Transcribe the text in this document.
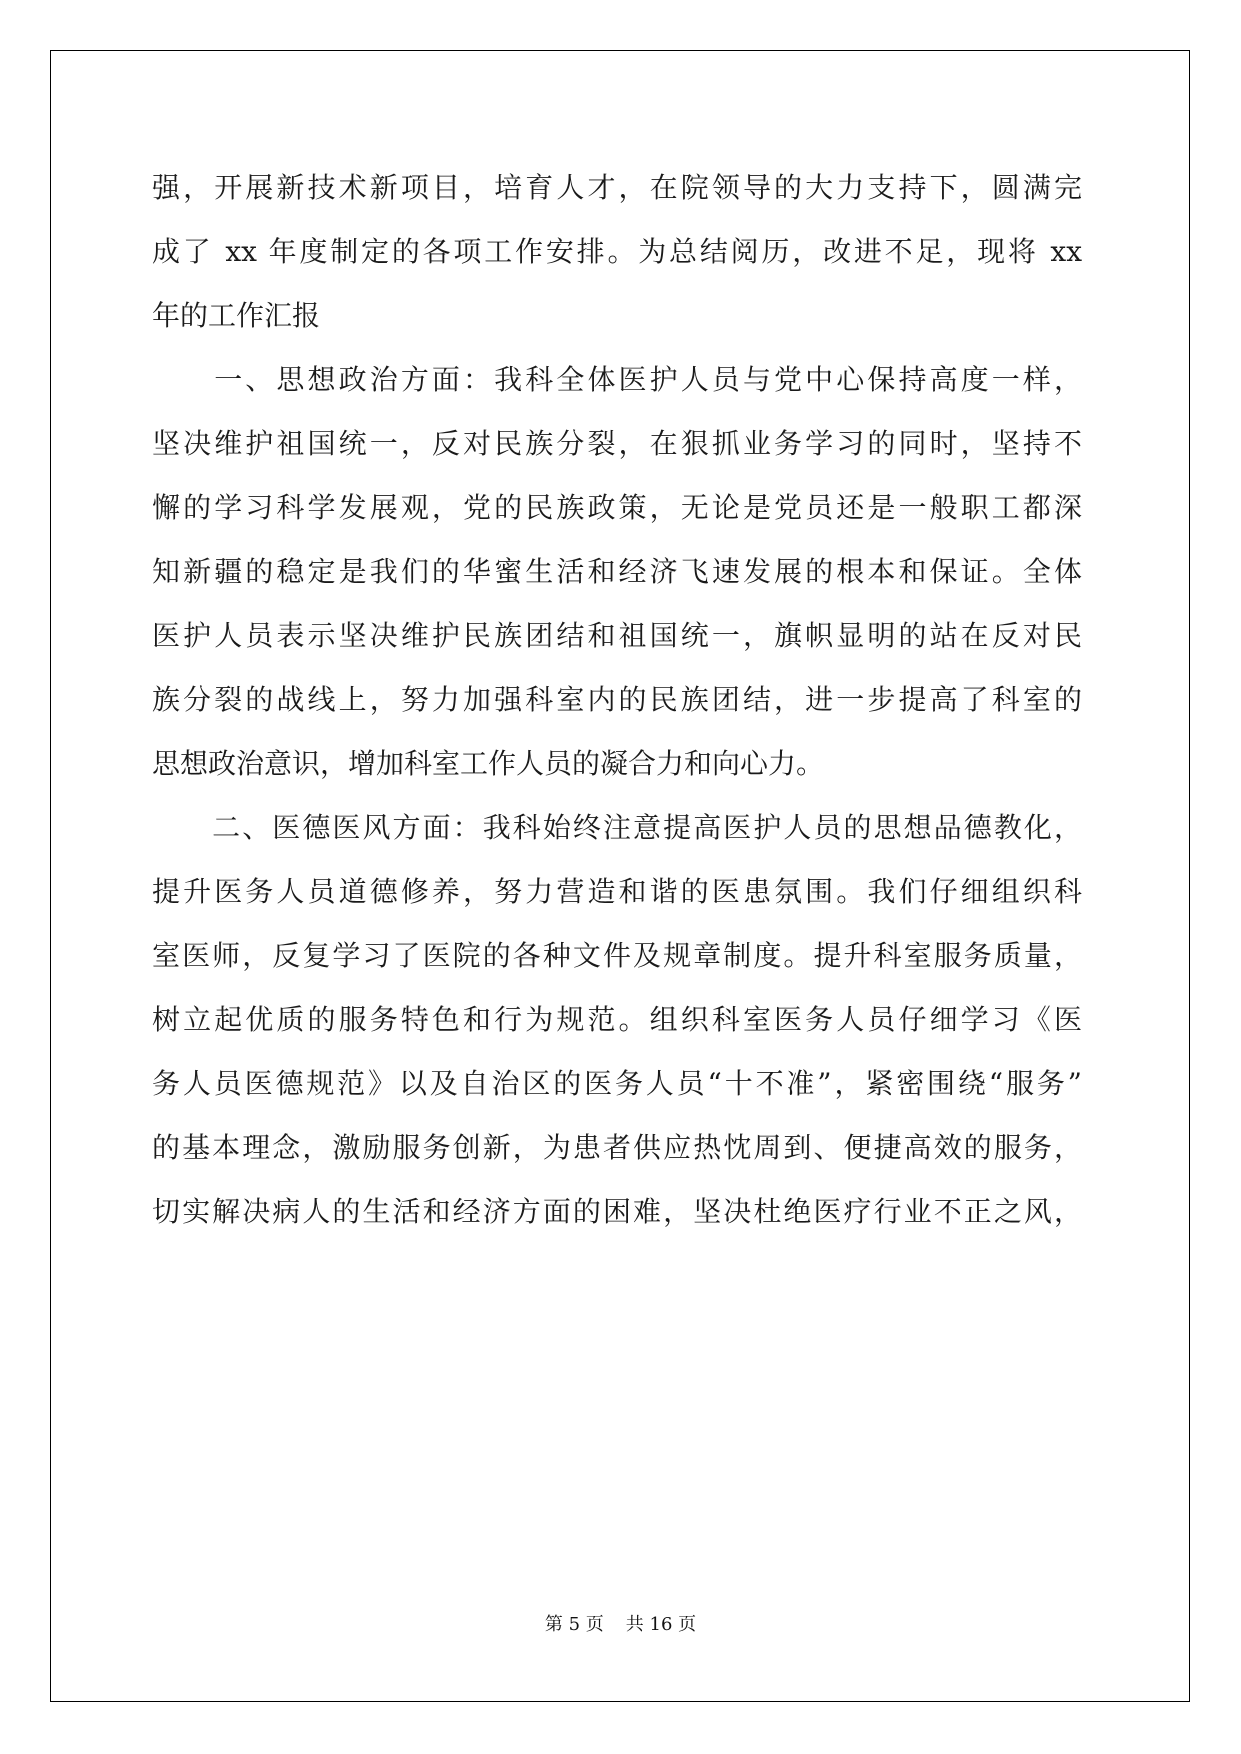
强，开展新技术新项目，培育人才，在院领导的大力支持下，圆满完
成了 xx 年度制定的各项工作安排。为总结阅历，改进不足，现将 xx
年的工作汇报
　　一、思想政治方面：我科全体医护人员与党中心保持高度一样，
坚决维护祖国统一，反对民族分裂，在狠抓业务学习的同时，坚持不
懈的学习科学发展观，党的民族政策，无论是党员还是一般职工都深
知新疆的稳定是我们的华蜜生活和经济飞速发展的根本和保证。全体
医护人员表示坚决维护民族团结和祖国统一，旗帜显明的站在反对民
族分裂的战线上，努力加强科室内的民族团结，进一步提高了科室的
思想政治意识，增加科室工作人员的凝合力和向心力。
　　二、医德医风方面：我科始终注意提高医护人员的思想品德教化，
提升医务人员道德修养，努力营造和谐的医患氛围。我们仔细组织科
室医师，反复学习了医院的各种文件及规章制度。提升科室服务质量，
树立起优质的服务特色和行为规范。组织科室医务人员仔细学习《医
务人员医德规范》以及自治区的医务人员“十不准”，紧密围绕“服务”
的基本理念，激励服务创新，为患者供应热忱周到、便捷高效的服务，
切实解决病人的生活和经济方面的困难，坚决杜绝医疗行业不正之风，
第 5 页 共 16 页
